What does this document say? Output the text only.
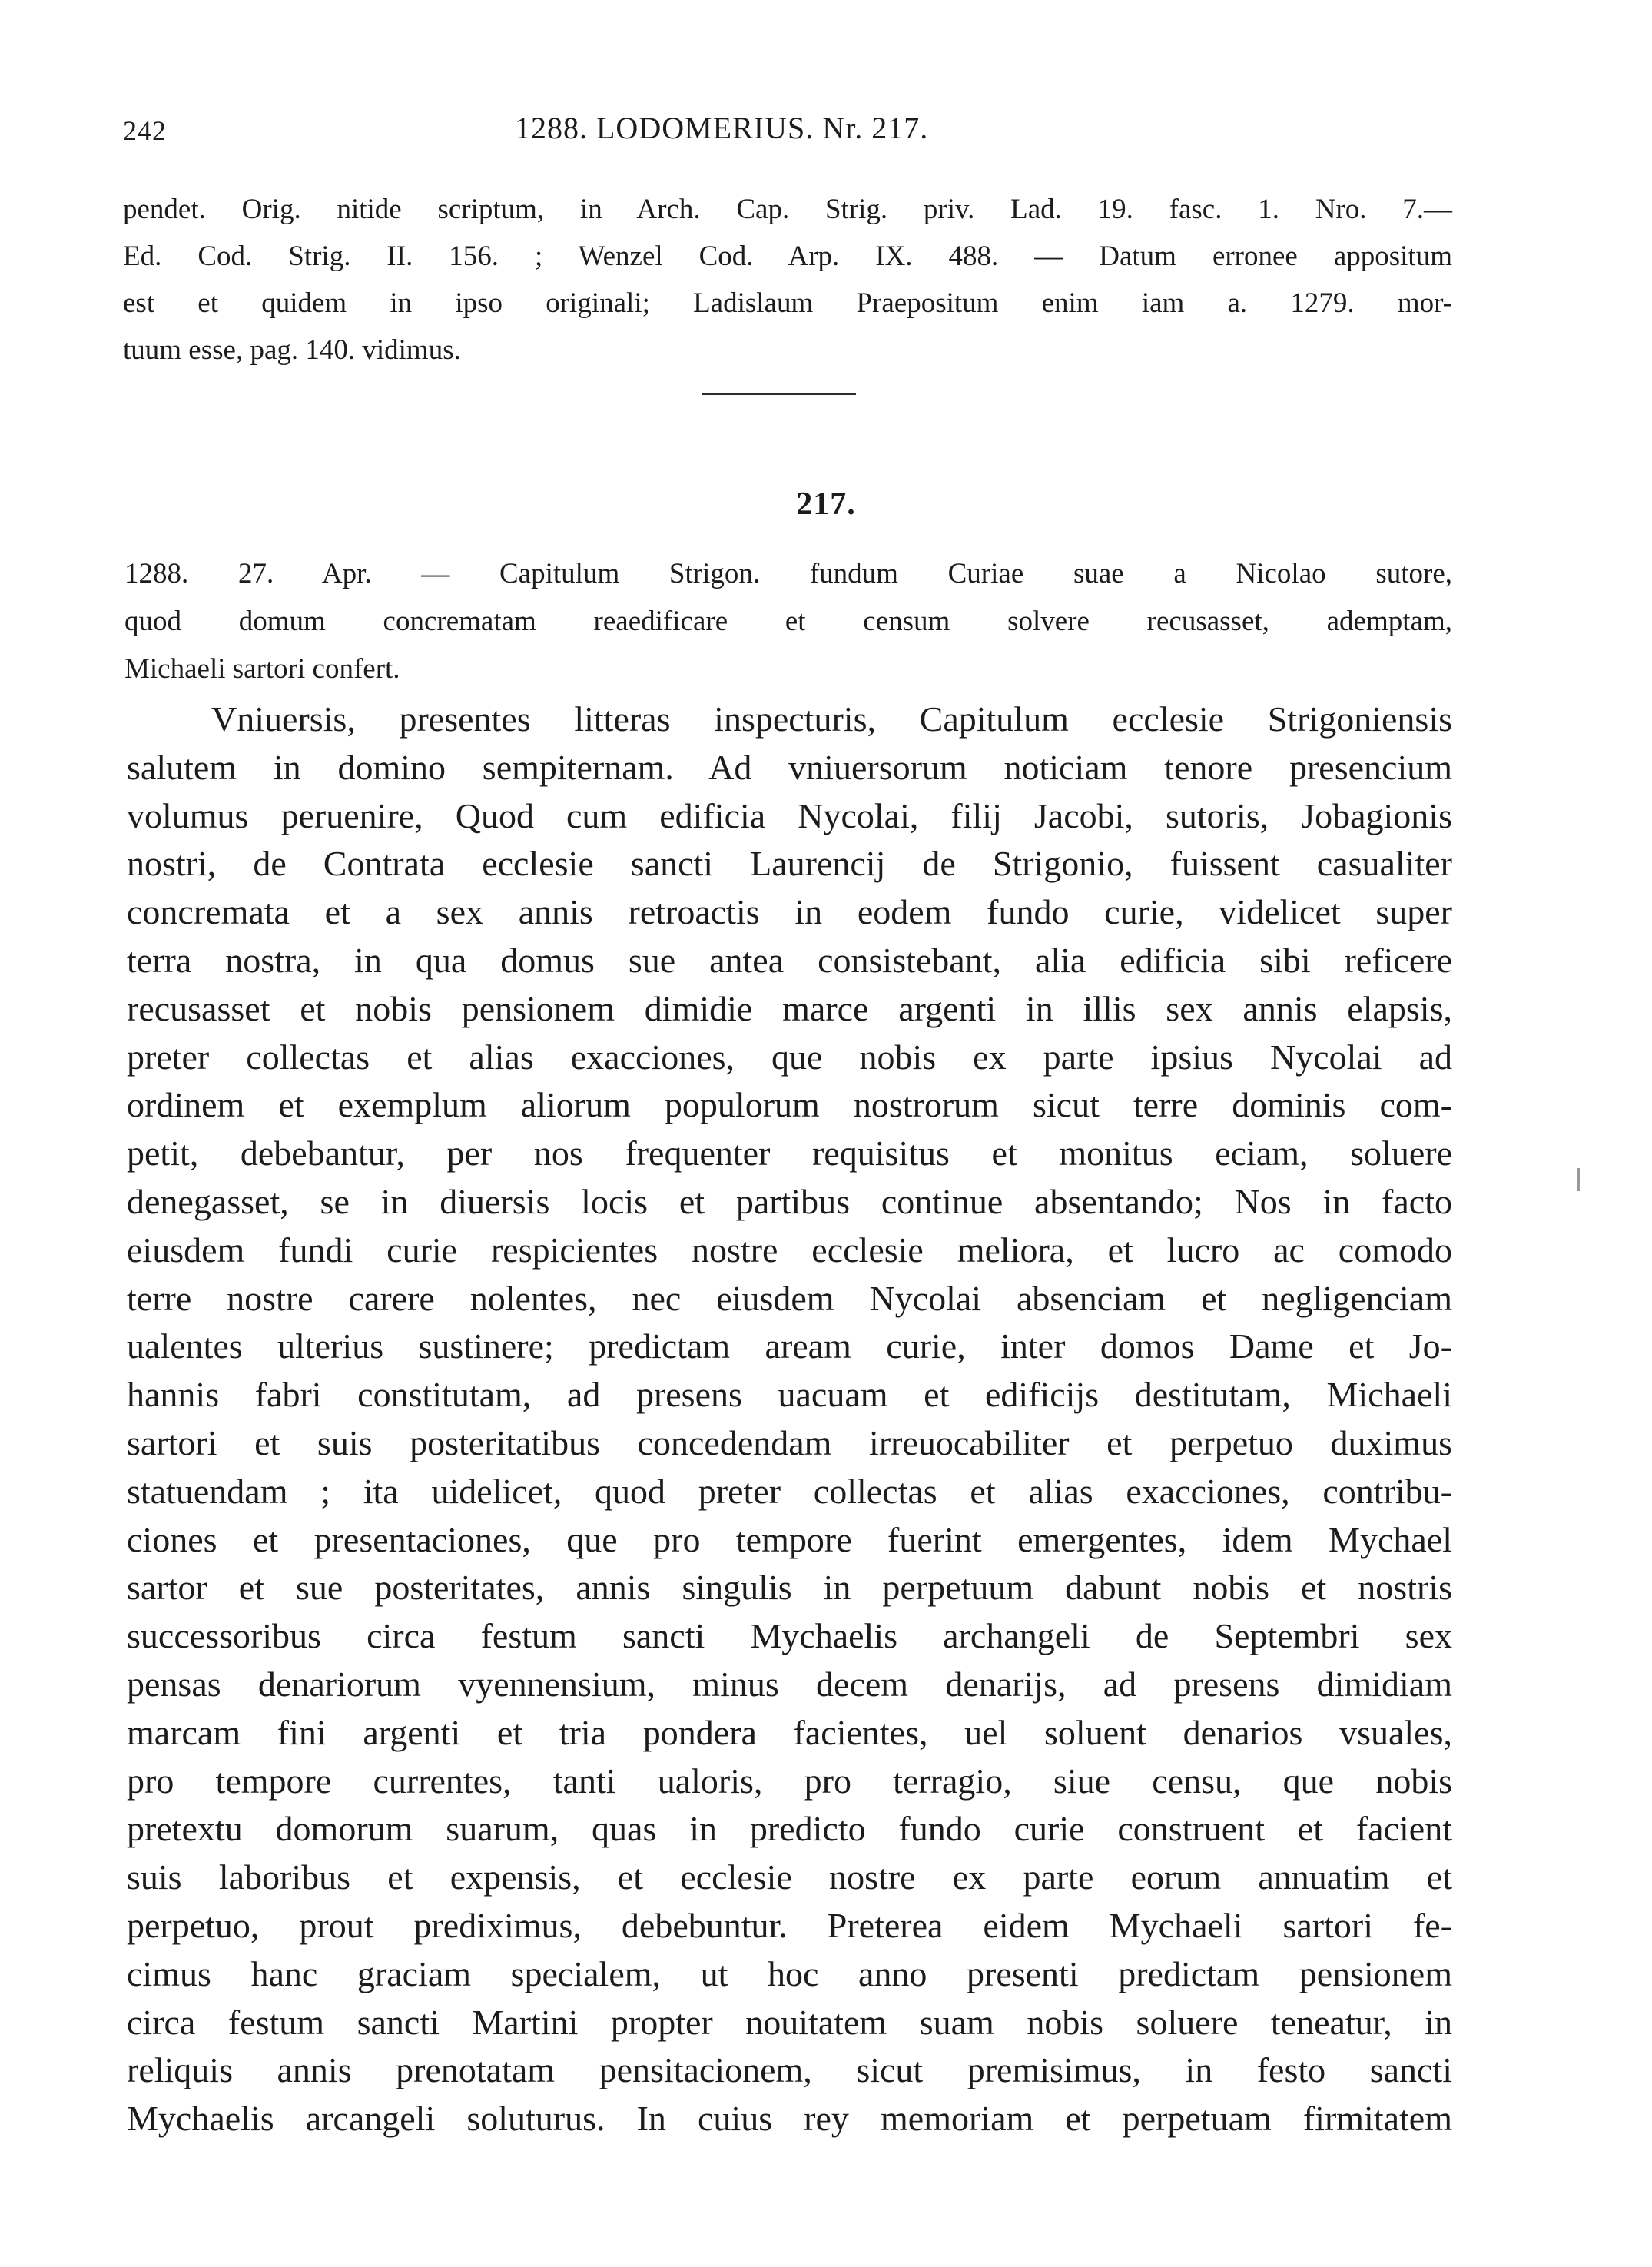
242	1288. LODOMERIUS. Nr. 217.
pendet. Orig. nitide scriptum, in Arch. Cap. Strig. priv. Lad. 19. fasc. 1. Nro. 7.—
Ed. Cod. Strig. II. 156. ; Wenzel Cod. Arp. IX. 488. — Datum erronee appositum
est et quidem in ipso originali; Ladislaum Praepositum enim iam a. 1279. mor-
tuum esse, pag. 140. vidimus.
217.
1288. 27. Apr. — Capitulum Strigon. fundum Curiae suae a Nicolao sutore,
quod domum concrematam reaedificare et censum solvere recusasset, ademptam,
Michaeli sartori confert.
Vniuersis, presentes litteras inspecturis, Capitulum ecclesie Strigoniensis
salutem in domino sempiternam. Ad vniuersorum noticiam tenore presencium
volumus peruenire, Quod cum edificia Nycolai, filij Jacobi, sutoris, Jobagionis
nostri, de Contrata ecclesie sancti Laurencij de Strigonio, fuissent casualiter
concremata et a sex annis retroactis in eodem fundo curie, videlicet super
terra nostra, in qua domus sue antea consistebant, alia edificia sibi reficere
recusasset et nobis pensionem dimidie marce argenti in illis sex annis elapsis,
preter collectas et alias exacciones, que nobis ex parte ipsius Nycolai ad
ordinem et exemplum aliorum populorum nostrorum sicut terre dominis com-
petit, debebantur, per nos frequenter requisitus et monitus eciam, soluere
denegasset, se in diuersis locis et partibus continue absentando; Nos in facto
eiusdem fundi curie respicientes nostre ecclesie meliora, et lucro ac comodo
terre nostre carere nolentes, nec eiusdem Nycolai absenciam et negligenciam
ualentes ulterius sustinere; predictam aream curie, inter domos Dame et Jo-
hannis fabri constitutam, ad presens uacuam et edificijs destitutam, Michaeli
sartori et suis posteritatibus concedendam irreuocabiliter et perpetuo duximus
statuendam ; ita uidelicet, quod preter collectas et alias exacciones, contribu-
ciones et presentaciones, que pro tempore fuerint emergentes, idem Mychael
sartor et sue posteritates, annis singulis in perpetuum dabunt nobis et nostris
successoribus circa festum sancti Mychaelis archangeli de Septembri sex
pensas denariorum vyennensium, minus decem denarijs, ad presens dimidiam
marcam fini argenti et tria pondera facientes, uel soluent denarios vsuales,
pro tempore currentes, tanti ualoris, pro terragio, siue censu, que nobis
pretextu domorum suarum, quas in predicto fundo curie construent et facient
suis laboribus et expensis, et ecclesie nostre ex parte eorum annuatim et
perpetuo, prout prediximus, debebuntur. Preterea eidem Mychaeli sartori fe-
cimus hanc graciam specialem, ut hoc anno presenti predictam pensionem
circa festum sancti Martini propter nouitatem suam nobis soluere teneatur, in
reliquis annis prenotatam pensitacionem, sicut premisimus, in festo sancti
Mychaelis arcangeli soluturus. In cuius rey memoriam et perpetuam firmitatem
